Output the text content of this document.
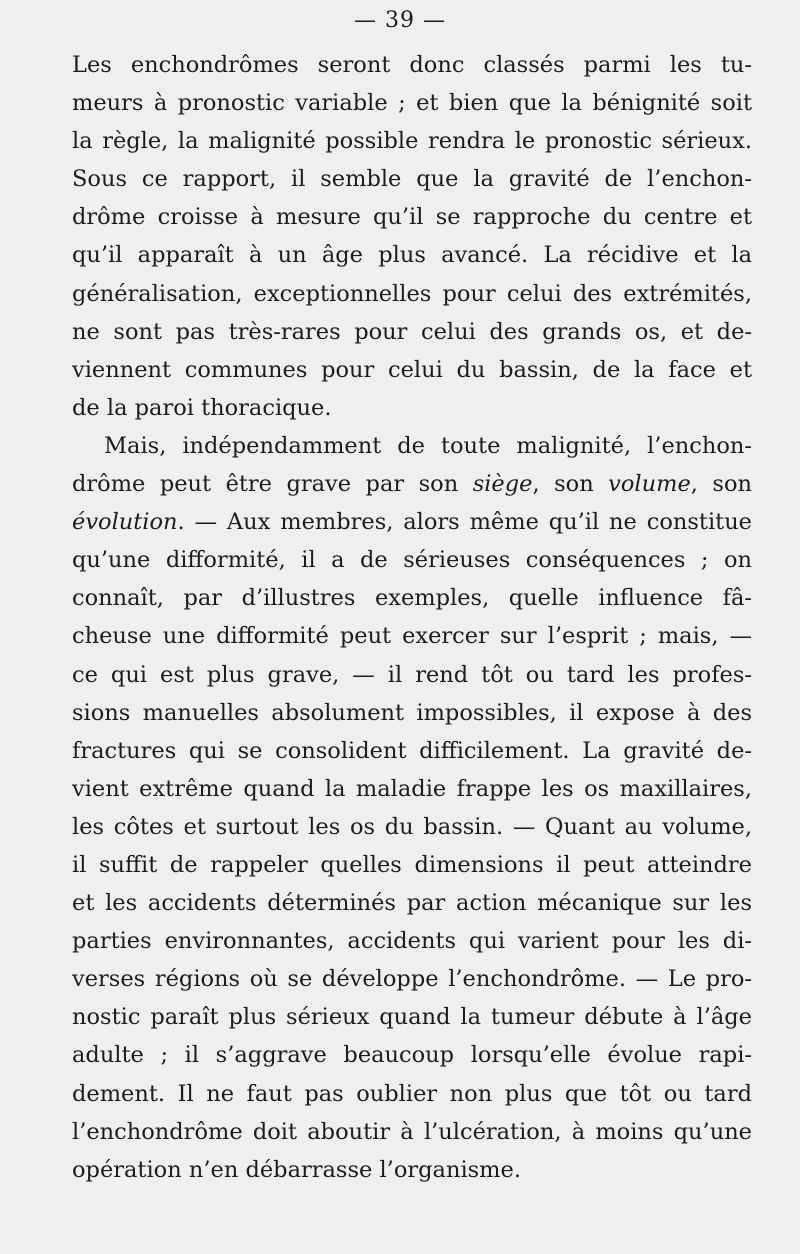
— 39 —
Les enchondrômes seront donc classés parmi les tu-
meurs à pronostic variable ; et bien que la bénignité soit
la règle, la malignité possible rendra le pronostic sérieux.
Sous ce rapport, il semble que la gravité de l’enchon-
drôme croisse à mesure qu’il se rapproche du centre et
qu’il apparaît à un âge plus avancé. La récidive et la
généralisation, exceptionnelles pour celui des extrémités,
ne sont pas très-rares pour celui des grands os, et de-
viennent communes pour celui du bassin, de la face et
de la paroi thoracique.
Mais, indépendamment de toute malignité, l’enchon-
drôme peut être grave par son siège, son volume, son
évolution. — Aux membres, alors même qu’il ne constitue
qu’une difformité, il a de sérieuses conséquences ; on
connaît, par d’illustres exemples, quelle influence fâ-
cheuse une difformité peut exercer sur l’esprit ; mais, —
ce qui est plus grave, — il rend tôt ou tard les profes-
sions manuelles absolument impossibles, il expose à des
fractures qui se consolident difficilement. La gravité de-
vient extrême quand la maladie frappe les os maxillaires,
les côtes et surtout les os du bassin. — Quant au volume,
il suffit de rappeler quelles dimensions il peut atteindre
et les accidents déterminés par action mécanique sur les
parties environnantes, accidents qui varient pour les di-
verses régions où se développe l’enchondrôme. — Le pro-
nostic paraît plus sérieux quand la tumeur débute à l’âge
adulte ; il s’aggrave beaucoup lorsqu’elle évolue rapi-
dement. Il ne faut pas oublier non plus que tôt ou tard
l’enchondrôme doit aboutir à l’ulcération, à moins qu’une
opération n’en débarrasse l’organisme.
